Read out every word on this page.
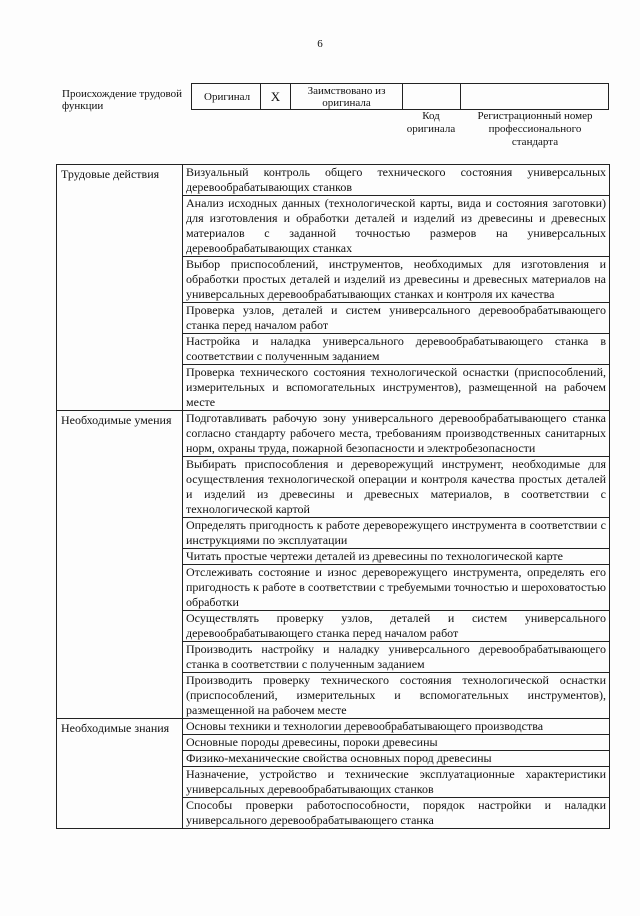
6
Происхождение трудовой функции
Оригинал	X	Заимствовано из оригинала		
Код оригинала
Регистрационный номер профессионального стандарта
Трудовые действия	Визуальный контроль общего технического состояния универсальных деревообрабатывающих станков
	Анализ исходных данных (технологической карты, вида и состояния заготовки) для изготовления и обработки деталей и изделий из древесины и древесных материалов с заданной точностью размеров на универсальных деревообрабатывающих станках
	Выбор приспособлений, инструментов, необходимых для изготовления и обработки простых деталей и изделий из древесины и древесных материалов на универсальных деревообрабатывающих станках и контроля их качества
	Проверка узлов, деталей и систем универсального деревообрабатывающего станка перед началом работ
	Настройка и наладка универсального деревообрабатывающего станка в соответствии с полученным заданием
	Проверка технического состояния технологической оснастки (приспособлений, измерительных и вспомогательных инструментов), размещенной на рабочем месте
Необходимые умения	Подготавливать рабочую зону универсального деревообрабатывающего станка согласно стандарту рабочего места, требованиям производственных санитарных норм, охраны труда, пожарной безопасности и электробезопасности
	Выбирать приспособления и дереворежущий инструмент, необходимые для осуществления технологической операции и контроля качества простых деталей и изделий из древесины и древесных материалов, в соответствии с технологической картой
	Определять пригодность к работе дереворежущего инструмента в соответствии с инструкциями по эксплуатации
	Читать простые чертежи деталей из древесины по технологической карте
	Отслеживать состояние и износ дереворежущего инструмента, определять его пригодность к работе в соответствии с требуемыми точностью и шероховатостью обработки
	Осуществлять проверку узлов, деталей и систем универсального деревообрабатывающего станка перед началом работ
	Производить настройку и наладку универсального деревообрабатывающего станка в соответствии с полученным заданием
	Производить проверку технического состояния технологической оснастки (приспособлений, измерительных и вспомогательных инструментов), размещенной на рабочем месте
Необходимые знания	Основы техники и технологии деревообрабатывающего производства
	Основные породы древесины, пороки древесины
	Физико-механические свойства основных пород древесины
	Назначение, устройство и технические эксплуатационные характеристики универсальных деревообрабатывающих станков
	Способы проверки работоспособности, порядок настройки и наладки универсального деревообрабатывающего станка
